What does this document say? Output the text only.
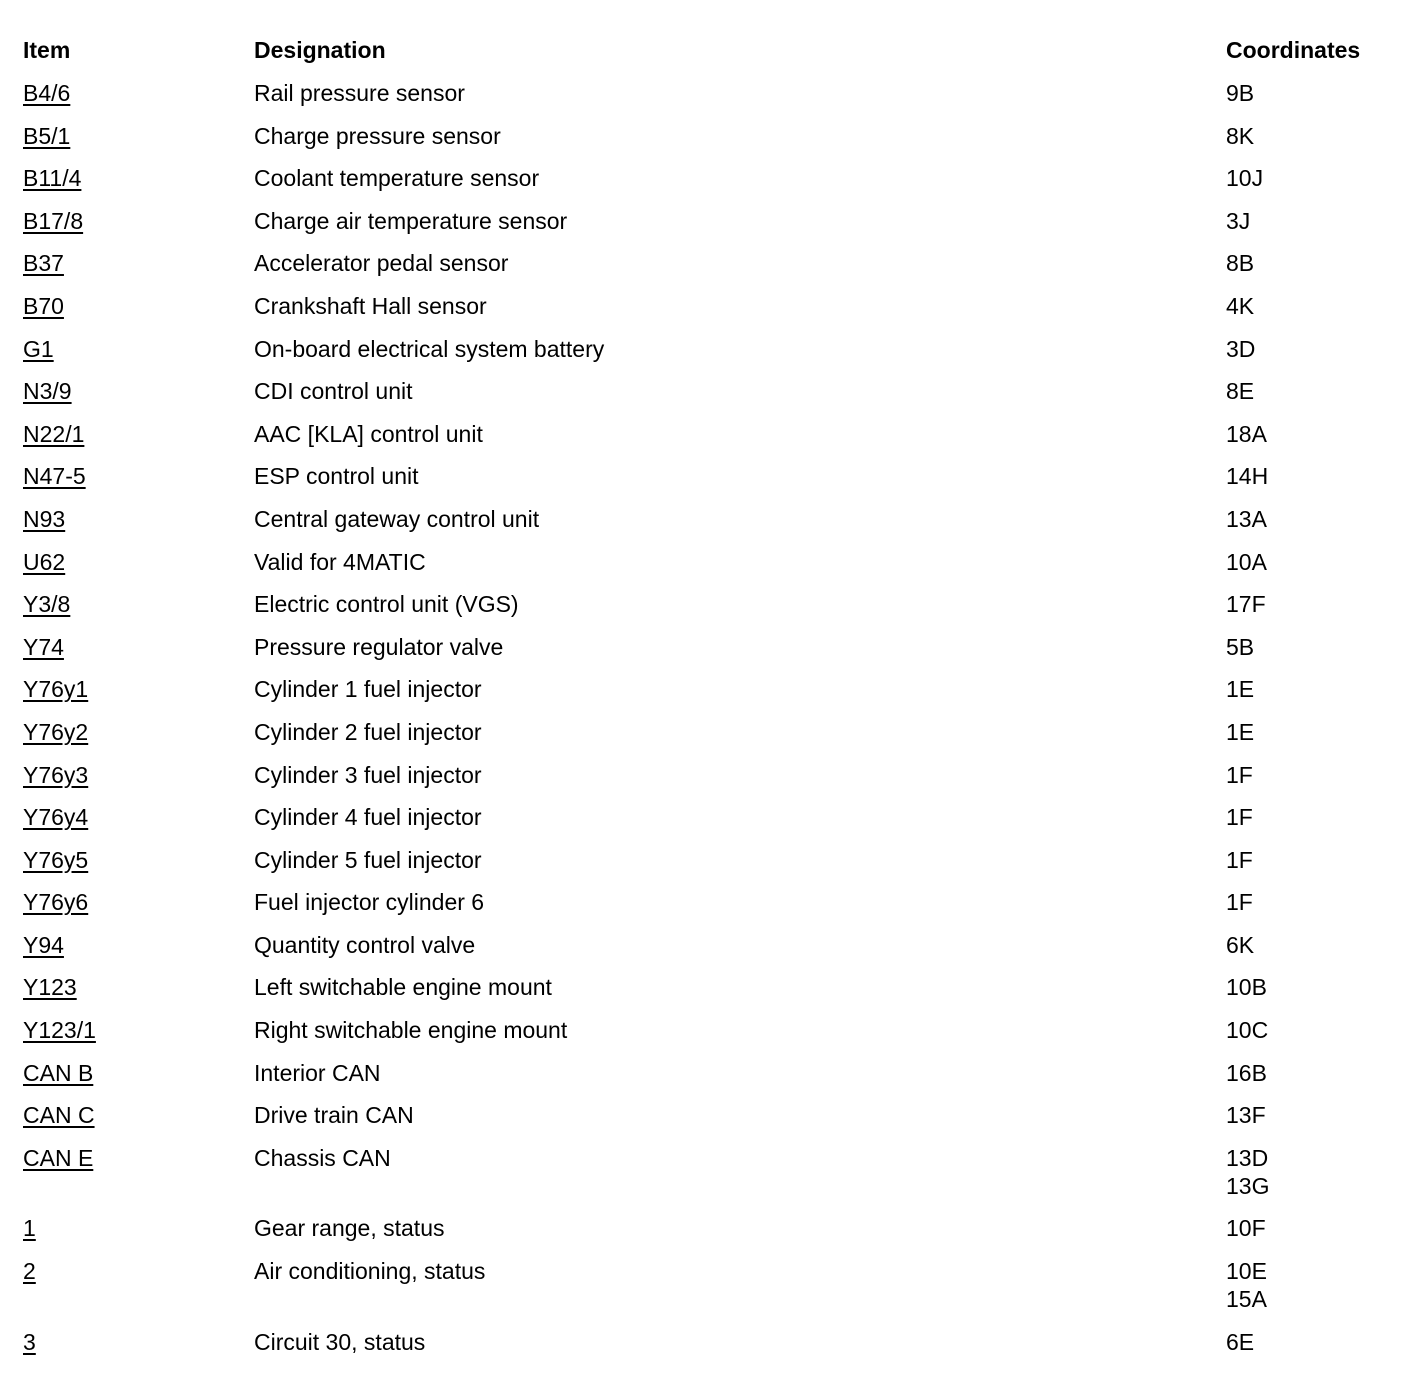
Item	Designation	Coordinates
B4/6	Rail pressure sensor	9B
B5/1	Charge pressure sensor	8K
B11/4	Coolant temperature sensor	10J
B17/8	Charge air temperature sensor	3J
B37	Accelerator pedal sensor	8B
B70	Crankshaft Hall sensor	4K
G1	On-board electrical system battery	3D
N3/9	CDI control unit	8E
N22/1	AAC [KLA] control unit	18A
N47-5	ESP control unit	14H
N93	Central gateway control unit	13A
U62	Valid for 4MATIC	10A
Y3/8	Electric control unit (VGS)	17F
Y74	Pressure regulator valve	5B
Y76y1	Cylinder 1 fuel injector	1E
Y76y2	Cylinder 2 fuel injector	1E
Y76y3	Cylinder 3 fuel injector	1F
Y76y4	Cylinder 4 fuel injector	1F
Y76y5	Cylinder 5 fuel injector	1F
Y76y6	Fuel injector cylinder 6	1F
Y94	Quantity control valve	6K
Y123	Left switchable engine mount	10B
Y123/1	Right switchable engine mount	10C
CAN B	Interior CAN	16B
CAN C	Drive train CAN	13F
CAN E	Chassis CAN	13D
13G
1	Gear range, status	10F
2	Air conditioning, status	10E
15A
3	Circuit 30, status	6E
